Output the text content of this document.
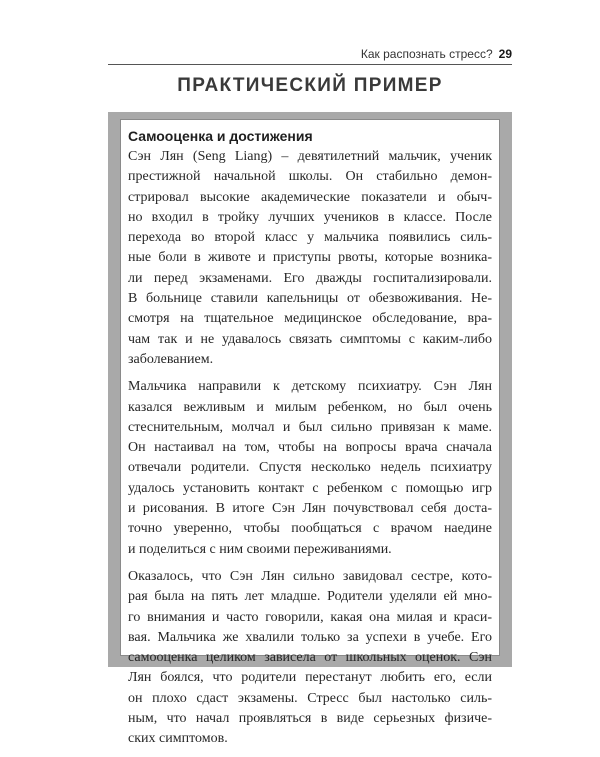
Как распознать стресс? 29
ПРАКТИЧЕСКИЙ ПРИМЕР
Самооценка и достижения
Сэн Лян (Seng Liang) – девятилетний мальчик, ученик
престижной начальной школы. Он стабильно демон-
стрировал высокие академические показатели и обыч-
но входил в тройку лучших учеников в классе. После
перехода во второй класс у мальчика появились силь-
ные боли в животе и приступы рвоты, которые возника-
ли перед экзаменами. Его дважды госпитализировали.
В больнице ставили капельницы от обезвоживания. Не-
смотря на тщательное медицинское обследование, вра-
чам так и не удавалось связать симптомы с каким-либо
заболеванием.
Мальчика направили к детскому психиатру. Сэн Лян
казался вежливым и милым ребенком, но был очень
стеснительным, молчал и был сильно привязан к маме.
Он настаивал на том, чтобы на вопросы врача сначала
отвечали родители. Спустя несколько недель психиатру
удалось установить контакт с ребенком с помощью игр
и рисования. В итоге Сэн Лян почувствовал себя доста-
точно уверенно, чтобы пообщаться с врачом наедине
и поделиться с ним своими переживаниями.
Оказалось, что Сэн Лян сильно завидовал сестре, кото-
рая была на пять лет младше. Родители уделяли ей мно-
го внимания и часто говорили, какая она милая и краси-
вая. Мальчика же хвалили только за успехи в учебе. Его
самооценка целиком зависела от школьных оценок. Сэн
Лян боялся, что родители перестанут любить его, если
он плохо сдаст экзамены. Стресс был настолько силь-
ным, что начал проявляться в виде серьезных физиче-
ских симптомов.
